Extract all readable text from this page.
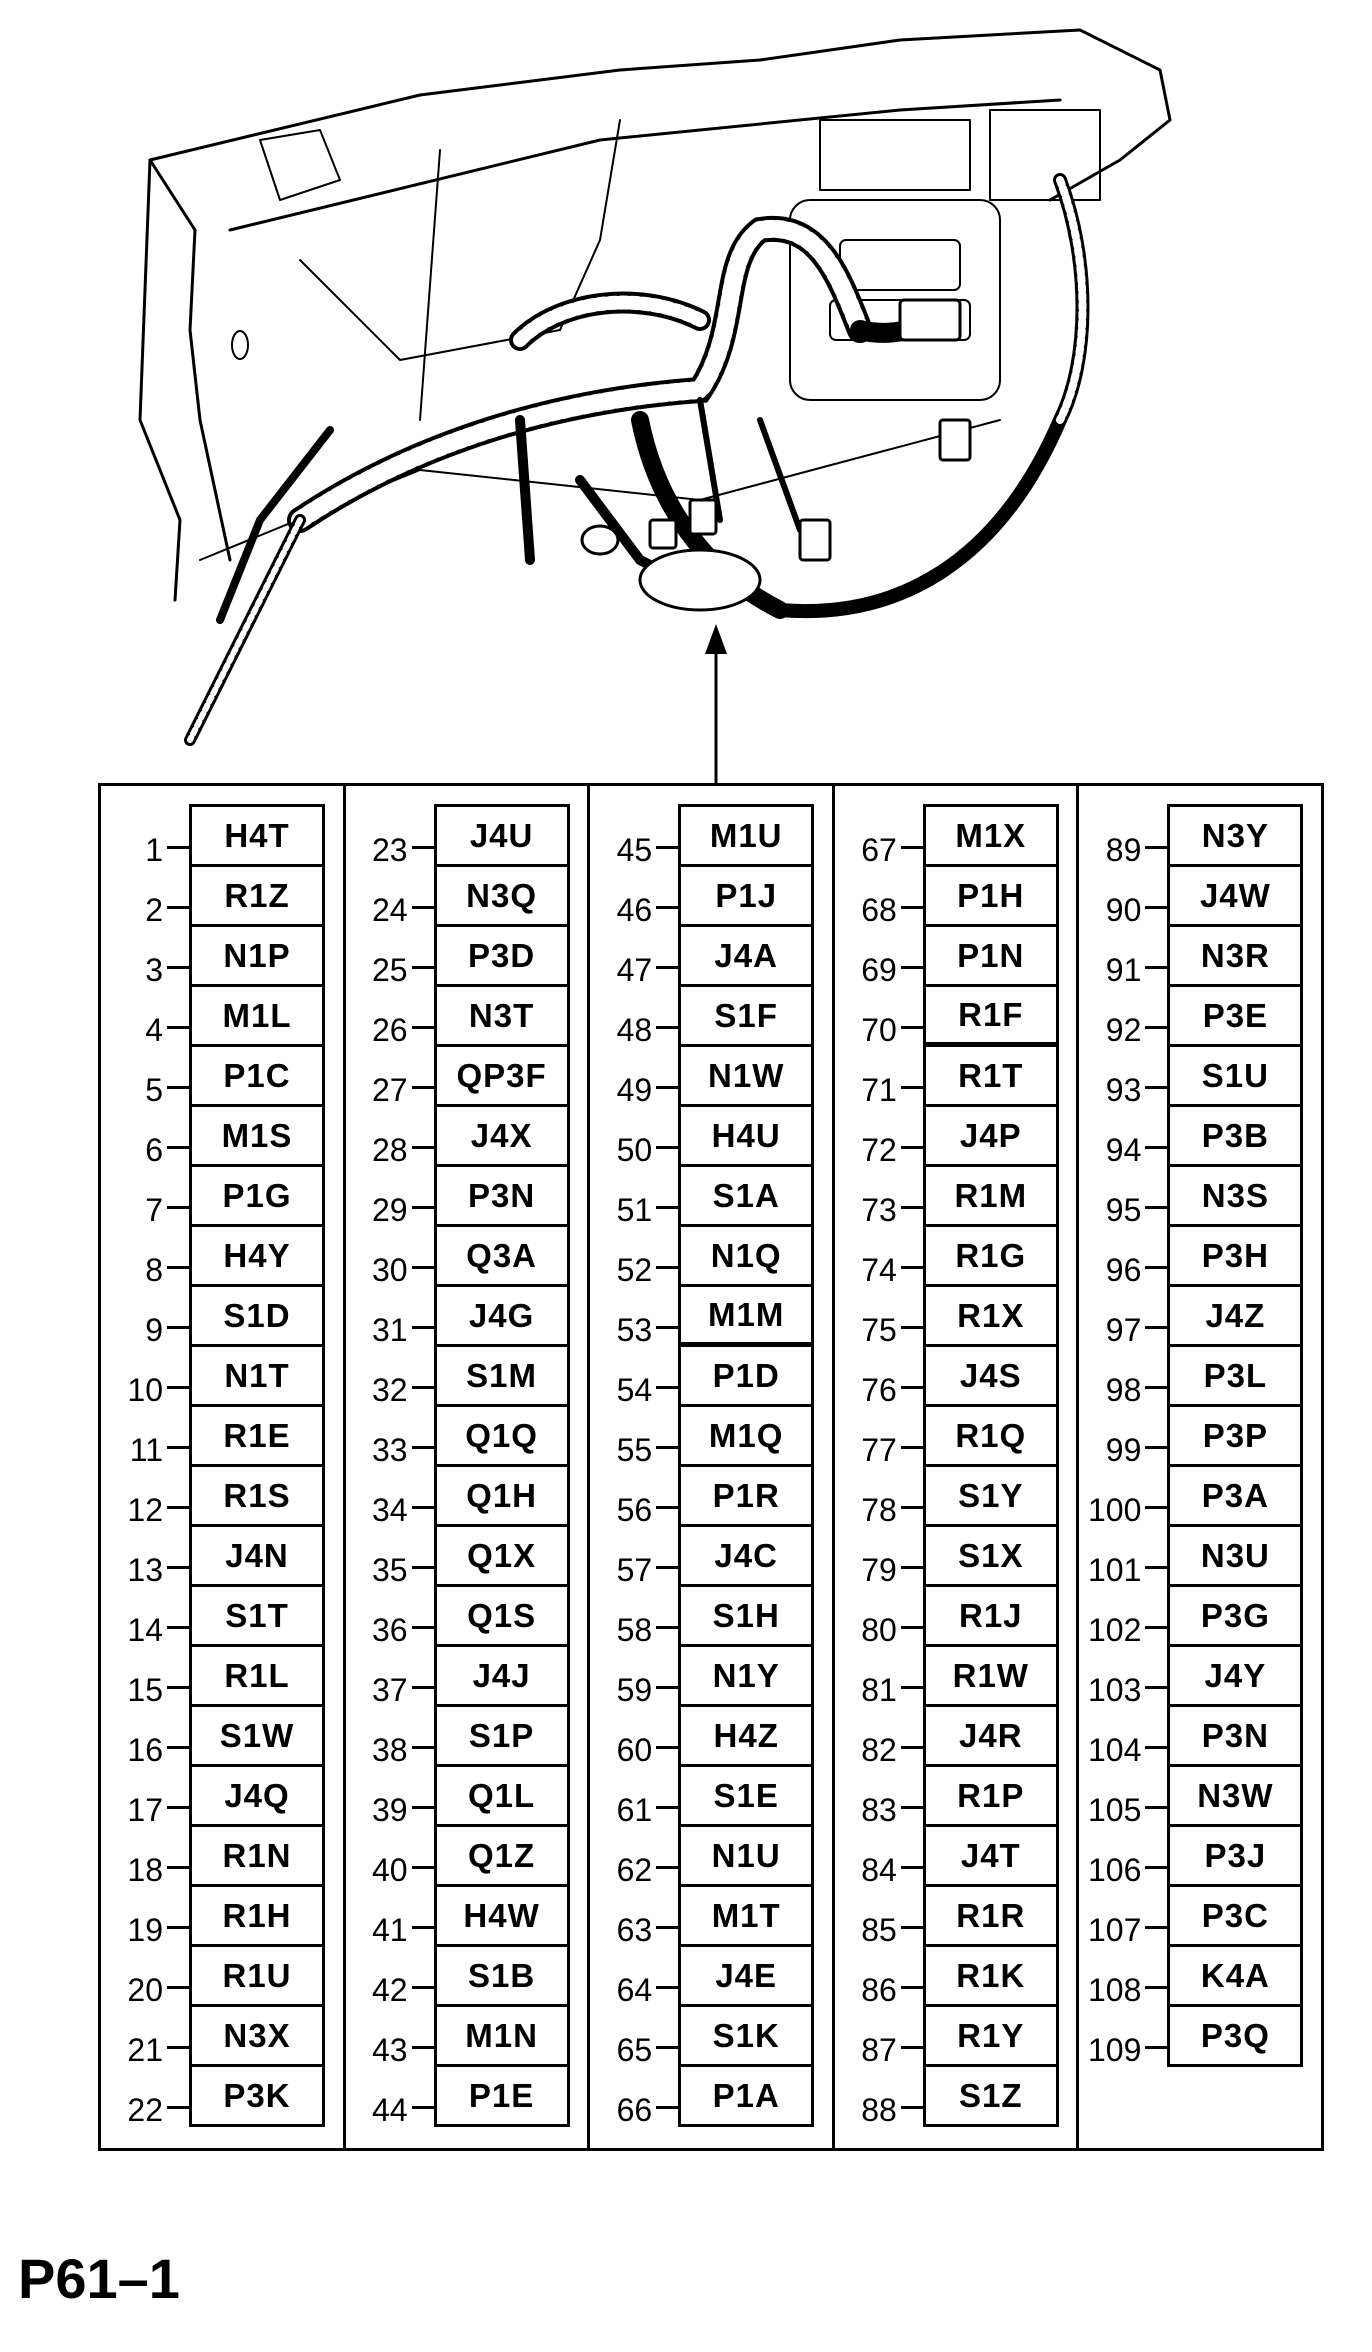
1
2
3
4
5
6
7
8
9
10
11
12
13
14
15
16
17
18
19
20
21
22
H4T
R1Z
N1P
M1L
P1C
M1S
P1G
H4Y
S1D
N1T
R1E
R1S
J4N
S1T
R1L
S1W
J4Q
R1N
R1H
R1U
N3X
P3K
23
24
25
26
27
28
29
30
31
32
33
34
35
36
37
38
39
40
41
42
43
44
J4U
N3Q
P3D
N3T
QP3F
J4X
P3N
Q3A
J4G
S1M
Q1Q
Q1H
Q1X
Q1S
J4J
S1P
Q1L
Q1Z
H4W
S1B
M1N
P1E
45
46
47
48
49
50
51
52
53
54
55
56
57
58
59
60
61
62
63
64
65
66
M1U
P1J
J4A
S1F
N1W
H4U
S1A
N1Q
M1M
P1D
M1Q
P1R
J4C
S1H
N1Y
H4Z
S1E
N1U
M1T
J4E
S1K
P1A
67
68
69
70
71
72
73
74
75
76
77
78
79
80
81
82
83
84
85
86
87
88
M1X
P1H
P1N
R1F
R1T
J4P
R1M
R1G
R1X
J4S
R1Q
S1Y
S1X
R1J
R1W
J4R
R1P
J4T
R1R
R1K
R1Y
S1Z
89
90
91
92
93
94
95
96
97
98
99
100
101
102
103
104
105
106
107
108
109
N3Y
J4W
N3R
P3E
S1U
P3B
N3S
P3H
J4Z
P3L
P3P
P3A
N3U
P3G
J4Y
P3N
N3W
P3J
P3C
K4A
P3Q
P61–1
